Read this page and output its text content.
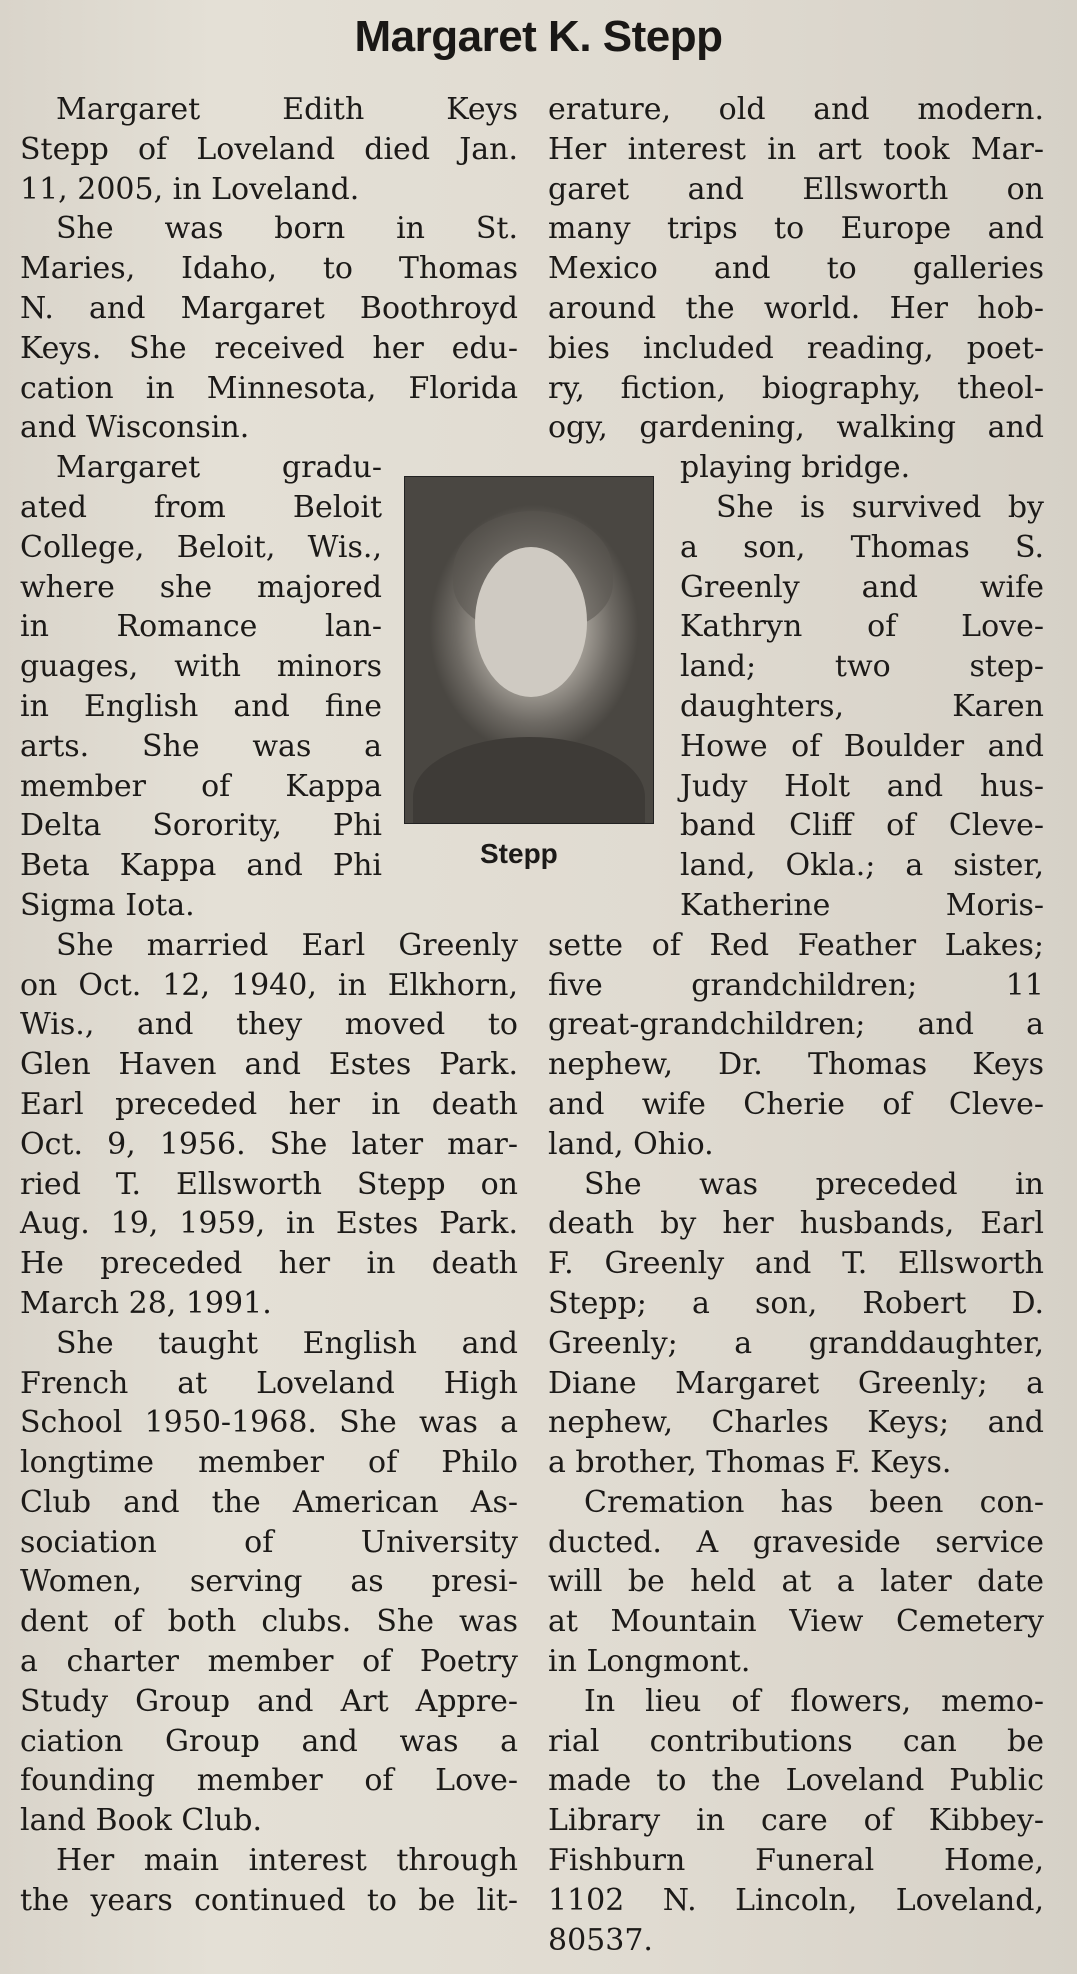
Margaret K. Stepp
Margaret Edith Keys
Stepp of Loveland died Jan.
11, 2005, in Loveland.
She was born in St.
Maries, Idaho, to Thomas
N. and Margaret Boothroyd
Keys. She received her edu-
cation in Minnesota, Florida
and Wisconsin.
Margaret gradu-
ated from Beloit
College, Beloit, Wis.,
where she majored
in Romance lan-
guages, with minors
in English and fine
arts. She was a
member of Kappa
Delta Sorority, Phi
Beta Kappa and Phi
Sigma Iota.
She married Earl Greenly
on Oct. 12, 1940, in Elkhorn,
Wis., and they moved to
Glen Haven and Estes Park.
Earl preceded her in death
Oct. 9, 1956. She later mar-
ried T. Ellsworth Stepp on
Aug. 19, 1959, in Estes Park.
He preceded her in death
March 28, 1991.
She taught English and
French at Loveland High
School 1950-1968. She was a
longtime member of Philo
Club and the American As-
sociation of University
Women, serving as presi-
dent of both clubs. She was
a charter member of Poetry
Study Group and Art Appre-
ciation Group and was a
founding member of Love-
land Book Club.
Her main interest through
the years continued to be lit-
Stepp
erature, old and modern.
Her interest in art took Mar-
garet and Ellsworth on
many trips to Europe and
Mexico and to galleries
around the world. Her hob-
bies included reading, poet-
ry, fiction, biography, theol-
ogy, gardening, walking and
playing bridge.
She is survived by
a son, Thomas S.
Greenly and wife
Kathryn of Love-
land; two step-
daughters, Karen
Howe of Boulder and
Judy Holt and hus-
band Cliff of Cleve-
land, Okla.; a sister,
Katherine Moris-
sette of Red Feather Lakes;
five grandchildren; 11
great-grandchildren; and a
nephew, Dr. Thomas Keys
and wife Cherie of Cleve-
land, Ohio.
She was preceded in
death by her husbands, Earl
F. Greenly and T. Ellsworth
Stepp; a son, Robert D.
Greenly; a granddaughter,
Diane Margaret Greenly; a
nephew, Charles Keys; and
a brother, Thomas F. Keys.
Cremation has been con-
ducted. A graveside service
will be held at a later date
at Mountain View Cemetery
in Longmont.
In lieu of flowers, memo-
rial contributions can be
made to the Loveland Public
Library in care of Kibbey-
Fishburn Funeral Home,
1102 N. Lincoln, Loveland,
80537.
